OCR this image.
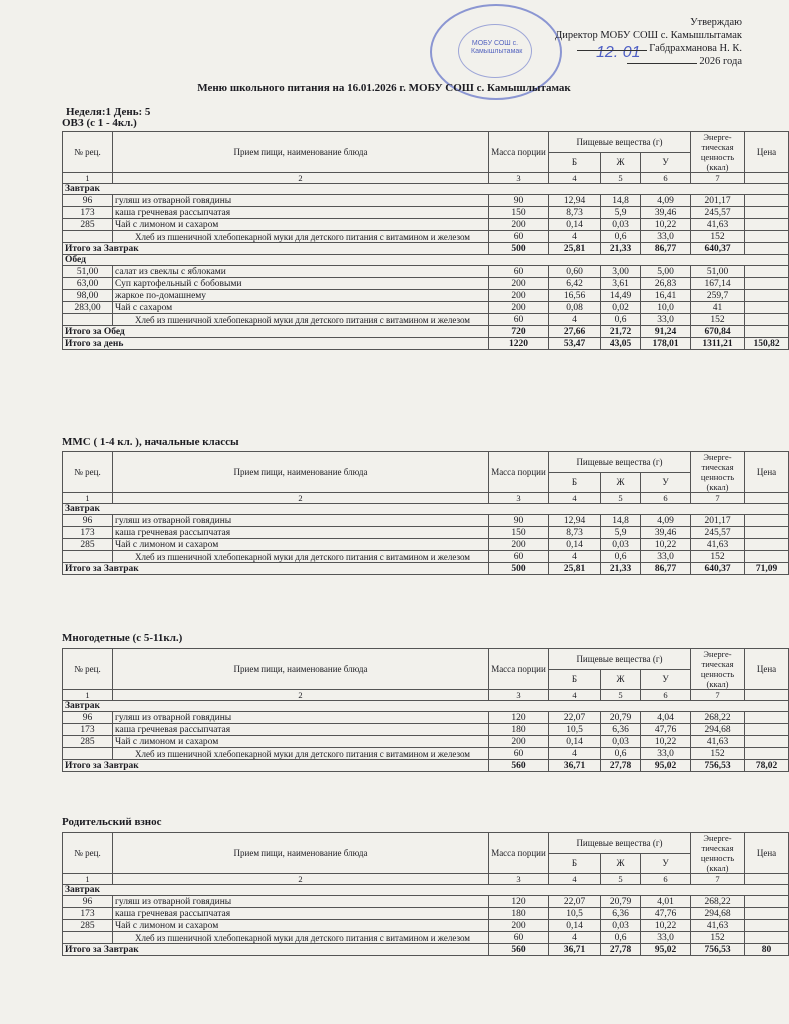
МОБУ СОШ с. Камышлытамак	12. 01
Утверждаю
Директор МОБУ СОШ с. Камышлытамак
Габдрахманова Н. К.
2026 года
Меню школьного питания на 16.01.2026 г. МОБУ СОШ с. Камышлытамак
Неделя:1 День: 5
ОВЗ (с 1 - 4кл.)
№ рец.	Прием пищи, наименование блюда	Масса порции	Пищевые вещества (г)			Энерге-тическая ценность (ккал)	Цена
			Б	Ж	У		
1	2	3	4	5	6	7	
Завтрак							
96	гуляш из отварной говядины	90	12,94	14,8	4,09	201,17	
173	каша гречневая рассыпчатая	150	8,73	5,9	39,46	245,57	
285	Чай с лимоном и сахаром	200	0,14	0,03	10,22	41,63	
	Хлеб из пшеничной хлебопекарной муки для детского питания с витамином и железом	60	4	0,6	33,0	152	
Итого за Завтрак		500	25,81	21,33	86,77	640,37	
Обед							
51,00	салат из свеклы с яблоками	60	0,60	3,00	5,00	51,00	
63,00	Суп картофельный с бобовыми	200	6,42	3,61	26,83	167,14	
98,00	жаркое по-домашнему	200	16,56	14,49	16,41	259,7	
283,00	Чай с сахаром	200	0,08	0,02	10,0	41	
	Хлеб из пшеничной хлебопекарной муки для детского питания с витамином и железом	60	4	0,6	33,0	152	
Итого за Обед		720	27,66	21,72	91,24	670,84	
Итого за день		1220	53,47	43,05	178,01	1311,21	150,82
ММС ( 1-4 кл. ), начальные классы
№ рец.	Прием пищи, наименование блюда	Масса порции	Пищевые вещества (г)			Энерге-тическая ценность (ккал)	Цена
			Б	Ж	У		
1	2	3	4	5	6	7	
Завтрак							
96	гуляш из отварной говядины	90	12,94	14,8	4,09	201,17	
173	каша гречневая рассыпчатая	150	8,73	5,9	39,46	245,57	
285	Чай с лимоном и сахаром	200	0,14	0,03	10,22	41,63	
	Хлеб из пшеничной хлебопекарной муки для детского питания с витамином и железом	60	4	0,6	33,0	152	
Итого за Завтрак		500	25,81	21,33	86,77	640,37	71,09
Многодетные (с 5-11кл.)
№ рец.	Прием пищи, наименование блюда	Масса порции	Пищевые вещества (г)			Энерге-тическая ценность (ккал)	Цена
			Б	Ж	У		
1	2	3	4	5	6	7	
Завтрак							
96	гуляш из отварной говядины	120	22,07	20,79	4,04	268,22	
173	каша гречневая рассыпчатая	180	10,5	6,36	47,76	294,68	
285	Чай с лимоном и сахаром	200	0,14	0,03	10,22	41,63	
	Хлеб из пшеничной хлебопекарной муки для детского питания с витамином и железом	60	4	0,6	33,0	152	
Итого за Завтрак		560	36,71	27,78	95,02	756,53	78,02
Родительский взнос
№ рец.	Прием пищи, наименование блюда	Масса порции	Пищевые вещества (г)			Энерге-тическая ценность (ккал)	Цена
			Б	Ж	У		
1	2	3	4	5	6	7	
Завтрак							
96	гуляш из отварной говядины	120	22,07	20,79	4,01	268,22	
173	каша гречневая рассыпчатая	180	10,5	6,36	47,76	294,68	
285	Чай с лимоном и сахаром	200	0,14	0,03	10,22	41,63	
	Хлеб из пшеничной хлебопекарной муки для детского питания с витамином и железом	60	4	0,6	33,0	152	
Итого за Завтрак		560	36,71	27,78	95,02	756,53	80
